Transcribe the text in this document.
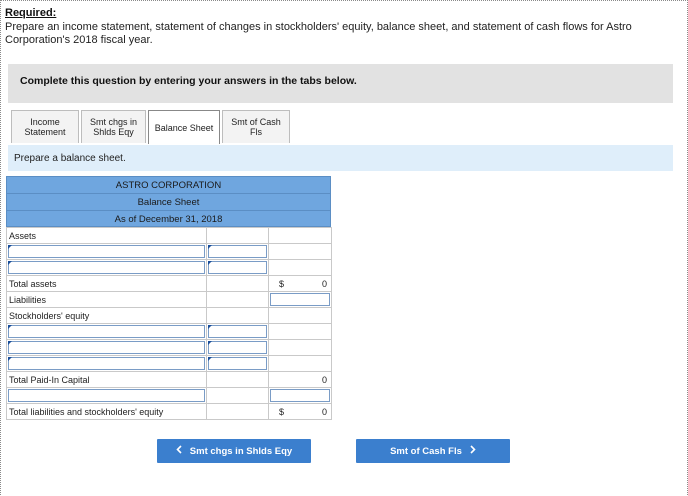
Required:
Prepare an income statement, statement of changes in stockholders' equity, balance sheet, and statement of cash flows for Astro Corporation's 2018 fiscal year.
Complete this question by entering your answers in the tabs below.
Income
Statement
Smt chgs in
Shlds Eqy	Balance Sheet
Smt of Cash
Fls
Prepare a balance sheet.
ASTRO CORPORATION
Balance Sheet
As of December 31, 2018
Assets		

Total assets		$ 0
Liabilities		
Stockholders' equity		

Total Paid-In Capital		0

Total liabilities and stockholders' equity		$ 0
Smt chgs in Shlds Eqy	Smt of Cash Fls
